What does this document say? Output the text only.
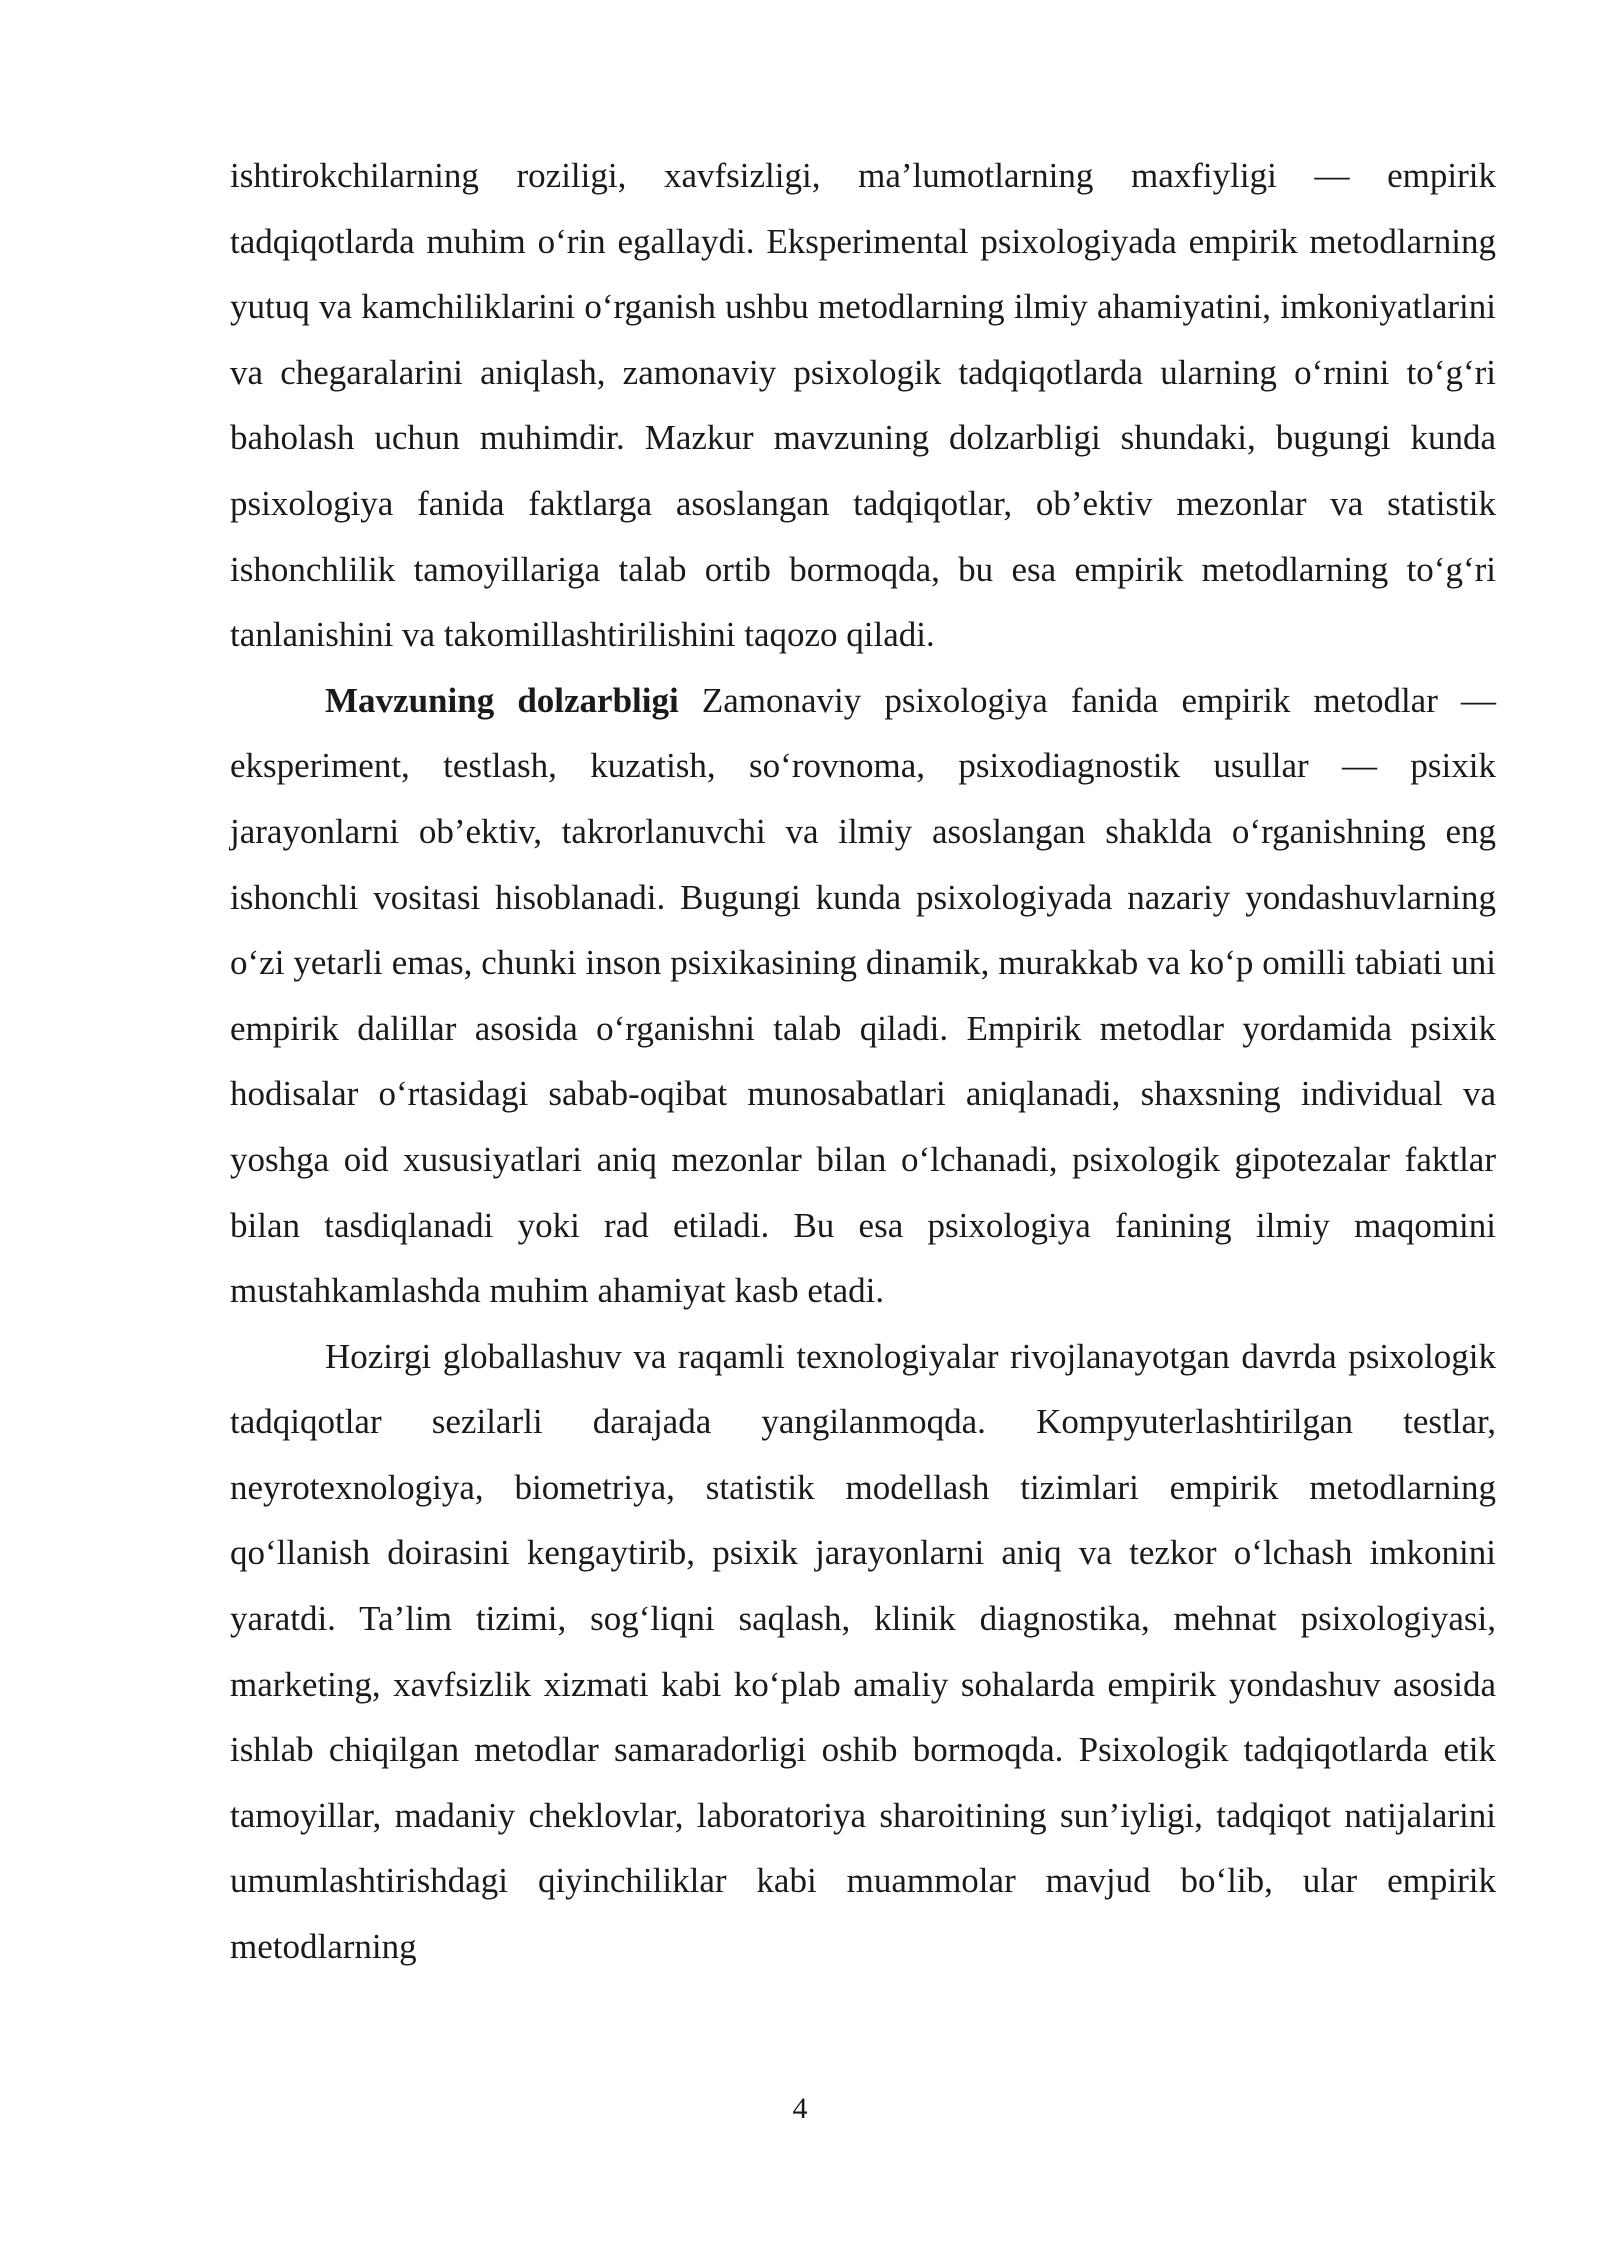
ishtirokchilarning roziligi, xavfsizligi, ma’lumotlarning maxfiyligi — empirik tadqiqotlarda muhim o‘rin egallaydi. Eksperimental psixologiyada empirik metodlarning yutuq va kamchiliklarini o‘rganish ushbu metodlarning ilmiy ahamiyatini, imkoniyatlarini va chegaralarini aniqlash, zamonaviy psixologik tadqiqotlarda ularning o‘rnini to‘g‘ri baholash uchun muhimdir. Mazkur mavzuning dolzarbligi shundaki, bugungi kunda psixologiya fanida faktlarga asoslangan tadqiqotlar, ob’ektiv mezonlar va statistik ishonchlilik tamoyillariga talab ortib bormoqda, bu esa empirik metodlarning to‘g‘ri tanlanishini va takomillashtirilishini taqozo qiladi.

Mavzuning dolzarbligi Zamonaviy psixologiya fanida empirik metodlar — eksperiment, testlash, kuzatish, so‘rovnoma, psixodiagnostik usullar — psixik jarayonlarni ob’ektiv, takrorlanuvchi va ilmiy asoslangan shaklda o‘rganishning eng ishonchli vositasi hisoblanadi. Bugungi kunda psixologiyada nazariy yondashuvlarning o‘zi yetarli emas, chunki inson psixikasining dinamik, murakkab va ko‘p omilli tabiati uni empirik dalillar asosida o‘rganishni talab qiladi. Empirik metodlar yordamida psixik hodisalar o‘rtasidagi sabab-oqibat munosabatlari aniqlanadi, shaxsning individual va yoshga oid xususiyatlari aniq mezonlar bilan o‘lchanadi, psixologik gipotezalar faktlar bilan tasdiqlanadi yoki rad etiladi. Bu esa psixologiya fanining ilmiy maqomini mustahkamlashda muhim ahamiyat kasb etadi.

Hozirgi globallashuv va raqamli texnologiyalar rivojlanayotgan davrda psixologik tadqiqotlar sezilarli darajada yangilanmoqda. Kompyuterlashtirilgan testlar, neyrotexnologiya, biometriya, statistik modellash tizimlari empirik metodlarning qo‘llanish doirasini kengaytirib, psixik jarayonlarni aniq va tezkor o‘lchash imkonini yaratdi. Ta’lim tizimi, sog‘liqni saqlash, klinik diagnostika, mehnat psixologiyasi, marketing, xavfsizlik xizmati kabi ko‘plab amaliy sohalarda empirik yondashuv asosida ishlab chiqilgan metodlar samaradorligi oshib bormoqda. Psixologik tadqiqotlarda etik tamoyillar, madaniy cheklovlar, laboratoriya sharoitining sun’iyligi, tadqiqot natijalarini umumlashtirishdagi qiyinchiliklar kabi muammolar mavjud bo‘lib, ular empirik metodlarning

4
